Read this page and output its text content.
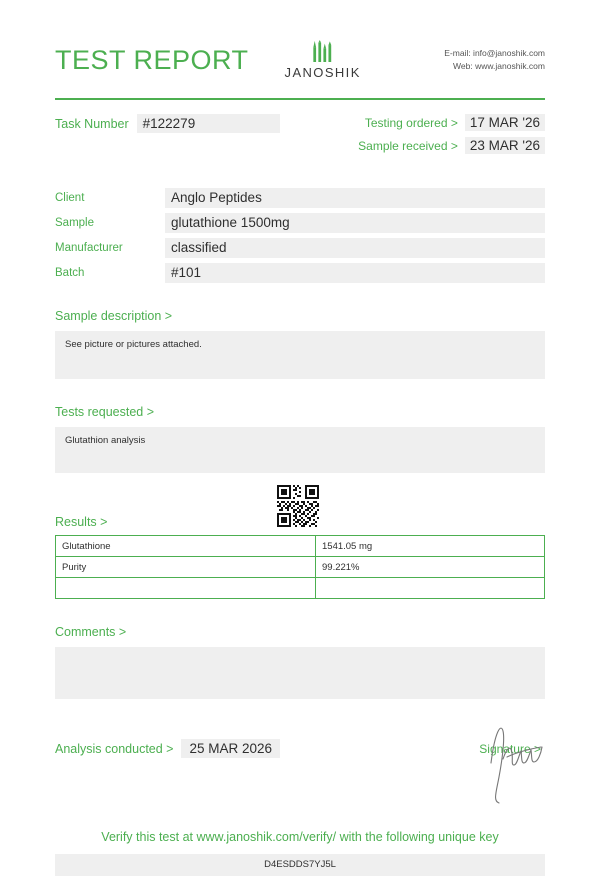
TEST REPORT	JANOSHIK
E-mail: info@janoshik.com
Web: www.janoshik.com
Task Number	#122279	Testing ordered > 17 MAR '26
Sample received > 23 MAR '26
Client	Anglo Peptides
Sample	glutathione 1500mg
Manufacturer	classified
Batch	#101
Sample description >
See picture or pictures attached.
Tests requested >
Glutathion analysis
Results >
Glutathione	1541.05 mg
Purity	99.221%

Comments >
Analysis conducted >	25 MAR 2026	Signature >
Verify this test at www.janoshik.com/verify/ with the following unique key
D4ESDDS7YJ5L
